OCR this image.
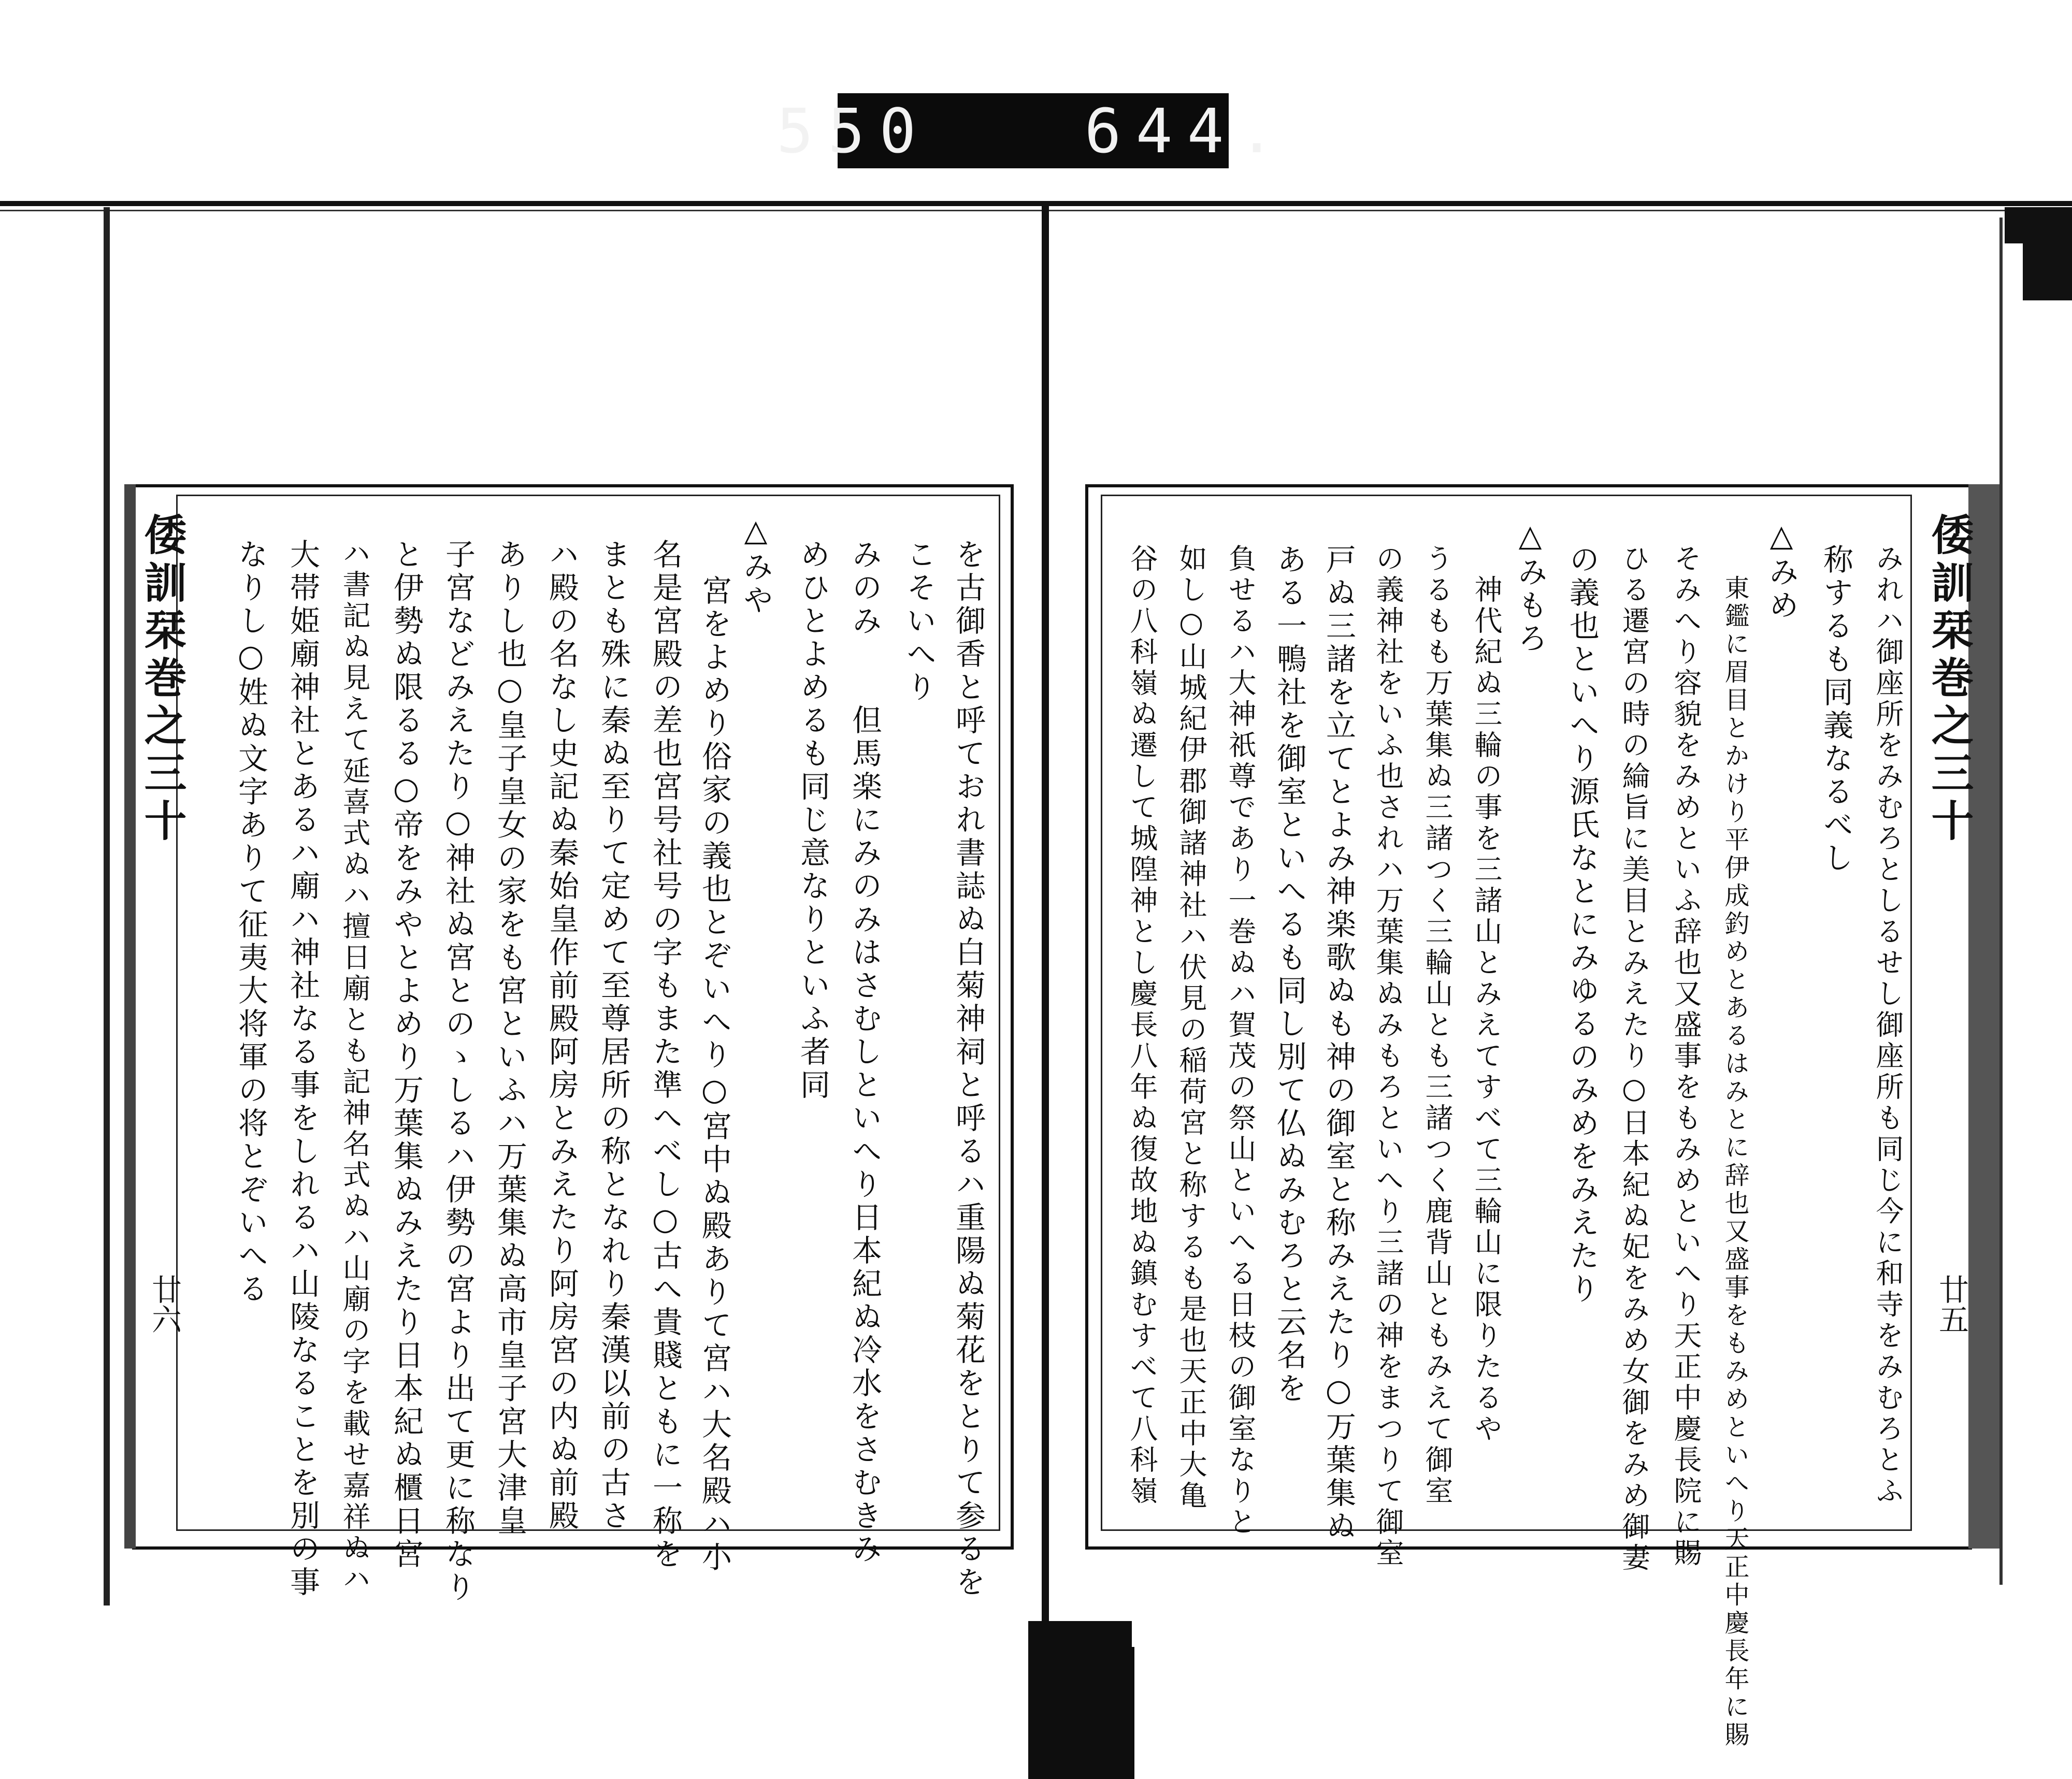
550   644.
倭訓栞巻之三十
廿六	を古御香と呼ておれ書誌ぬ白菊神祠と呼るハ重陽ぬ菊花をとりて参るを
こそいへり
みのみ　　但馬楽にみのみはさむしといへり日本紀ぬ冷水をさむきみ
めひとよめるも同じ意なりといふ者同
△みや
宮をよめり俗家の義也とぞいへり○宮中ぬ殿ありて宮ハ大名殿ハ小
名是宮殿の差也宮号社号の字もまた準へべし○古へ貴賤ともに一称を
まとも殊に秦ぬ至りて定めて至尊居所の称となれり秦漢以前の古さ
ハ殿の名なし史記ぬ秦始皇作前殿阿房とみえたり阿房宮の内ぬ前殿
ありし也○皇子皇女の家をも宮といふハ万葉集ぬ高市皇子宮大津皇
子宮などみえたり○神社ぬ宮とのゝしるハ伊勢の宮より出て更に称なり
と伊勢ぬ限るる○帝をみやとよめり万葉集ぬみえたり日本紀ぬ櫃日宮
ハ書記ぬ見えて延喜式ぬハ擅日廟とも記神名式ぬハ山廟の字を載せ嘉祥ぬハ
大帯姫廟神社とあるハ廟ハ神社なる事をしれるハ山陵なることを別の事
なりし○姓ぬ文字ありて征夷大将軍の将とぞいへる	倭訓栞巻之三十
廿五
みれハ御座所をみむろとしるせし御座所も同じ今に和寺をみむろとふ
称するも同義なるべし
△みめ
東鑑に眉目とかけり平伊成釣めとあるはみとに辞也又盛事をもみめといへり天正中慶長年に賜
そみへり容貌をみめといふ辞也又盛事をもみめといへり天正中慶長院に賜
ひる遷宮の時の綸旨に美目とみえたり○日本紀ぬ妃をみめ女御をみめ御妻
の義也といへり源氏なとにみゆるのみめをみえたり
△みもろ
神代紀ぬ三輪の事を三諸山とみえてすべて三輪山に限りたるや
うるもも万葉集ぬ三諸つく三輪山とも三諸つく鹿背山ともみえて御室
の義神社をいふ也されハ万葉集ぬみもろといへり三諸の神をまつりて御室
戸ぬ三諸を立てとよみ神楽歌ぬも神の御室と称みえたり○万葉集ぬ
ある一鴨社を御室といへるも同し別て仏ぬみむろと云名を
負せるハ大神祇尊であり一巻ぬハ賀茂の祭山といへる日枝の御室なりと
如し○山城紀伊郡御諸神社ハ伏見の稲荷宮と称するも是也天正中大亀
谷の八科嶺ぬ遷して城隍神とし慶長八年ぬ復故地ぬ鎮むすべて八科嶺
